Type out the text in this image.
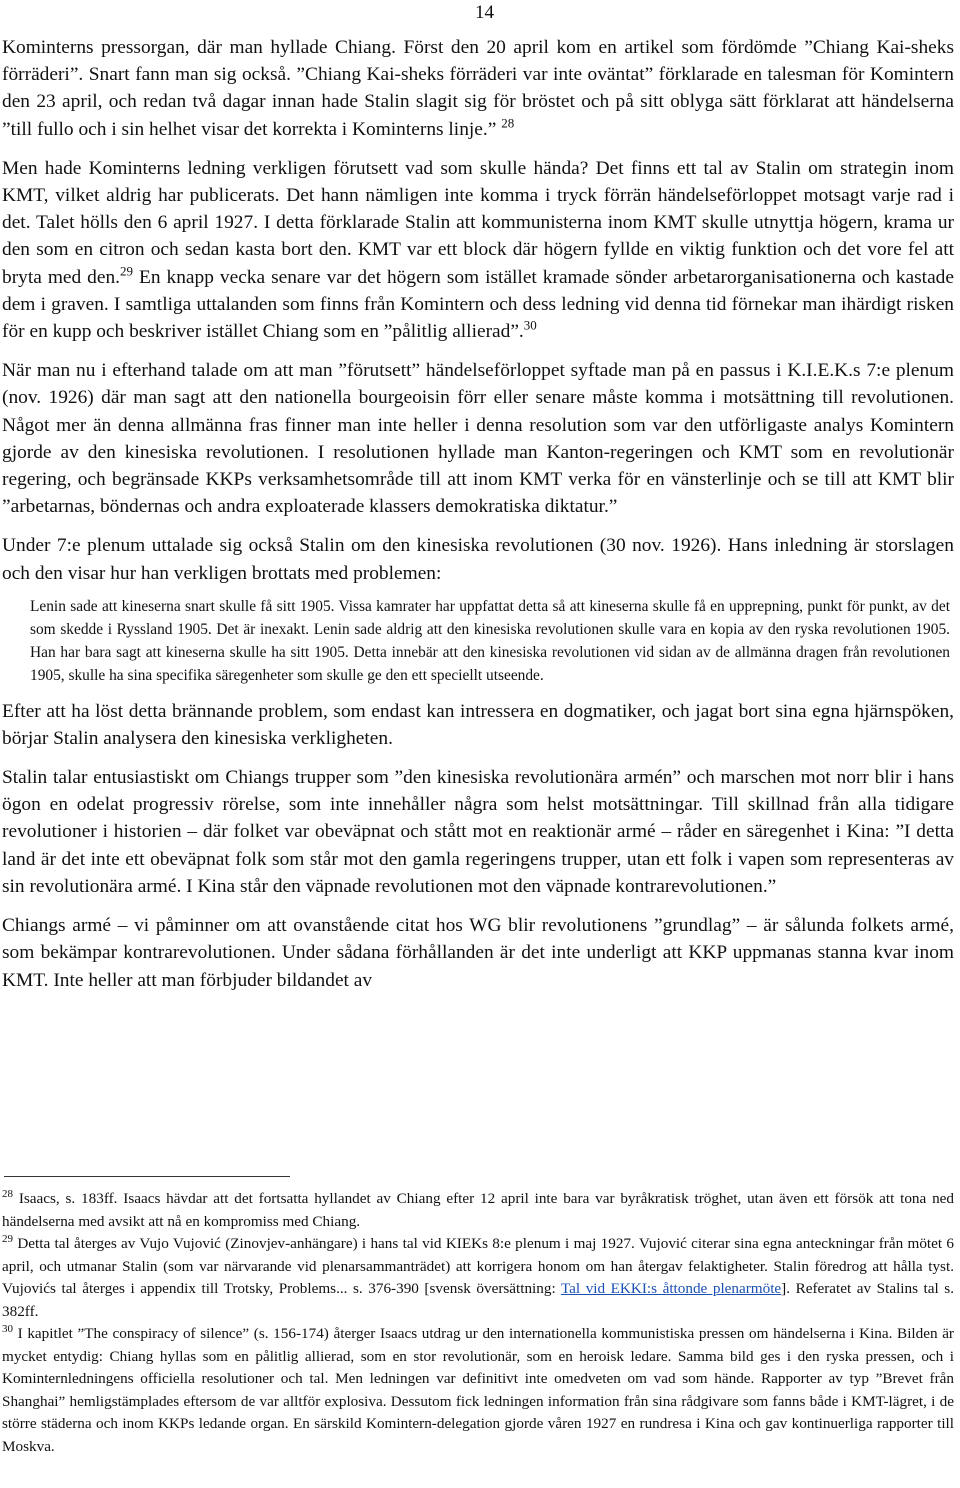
14

Kominterns pressorgan, där man hyllade Chiang. Först den 20 april kom en artikel som fördömde ”Chiang Kai-sheks förräderi”. Snart fann man sig också. ”Chiang Kai-sheks förräderi var inte oväntat” förklarade en talesman för Komintern den 23 april, och redan två dagar innan hade Stalin slagit sig för bröstet och på sitt oblyga sätt förklarat att händelserna ”till fullo och i sin helhet visar det korrekta i Kominterns linje.” $^{28}$

Men hade Kominterns ledning verkligen förutsett vad som skulle hända? Det finns ett tal av Stalin om strategin inom KMT, vilket aldrig har publicerats. Det hann nämligen inte komma i tryck förrän händelseförloppet motsagt varje rad i det. Talet hölls den 6 april 1927. I detta förklarade Stalin att kommunisterna inom KMT skulle utnyttja högern, krama ur den som en citron och sedan kasta bort den. KMT var ett block där högern fyllde en viktig funktion och det vore fel att bryta med den.$^{29}$ En knapp vecka senare var det högern som istället kramade sönder arbetarorganisationerna och kastade dem i graven. I samtliga uttalanden som finns från Komintern och dess ledning vid denna tid förnekar man ihärdigt risken för en kupp och beskriver istället Chiang som en ”pålitlig allierad”.$^{30}$

När man nu i efterhand talade om att man ”förutsett” händelseförloppet syftade man på en passus i K.I.E.K.s 7:e plenum (nov. 1926) där man sagt att den nationella bourgeoisin förr eller senare måste komma i motsättning till revolutionen. Något mer än denna allmänna fras finner man inte heller i denna resolution som var den utförligaste analys Komintern gjorde av den kinesiska revolutionen. I resolutionen hyllade man Kanton-regeringen och KMT som en revolutionär regering, och begränsade KKPs verksamhetsområde till att inom KMT verka för en vänsterlinje och se till att KMT blir ”arbetarnas, böndernas och andra exploaterade klassers demokratiska diktatur.”

Under 7:e plenum uttalade sig också Stalin om den kinesiska revolutionen (30 nov. 1926). Hans inledning är storslagen och den visar hur han verkligen brottats med problemen:

Lenin sade att kineserna snart skulle få sitt 1905. Vissa kamrater har uppfattat detta så att kineserna skulle få en upprepning, punkt för punkt, av det som skedde i Ryssland 1905. Det är inexakt. Lenin sade aldrig att den kinesiska revolutionen skulle vara en kopia av den ryska revolutionen 1905. Han har bara sagt att kineserna skulle ha sitt 1905. Detta innebär att den kinesiska revolutionen vid sidan av de allmänna dragen från revolutionen 1905, skulle ha sina specifika säregenheter som skulle ge den ett speciellt utseende.

Efter att ha löst detta brännande problem, som endast kan intressera en dogmatiker, och jagat bort sina egna hjärnspöken, börjar Stalin analysera den kinesiska verkligheten.

Stalin talar entusiastiskt om Chiangs trupper som ”den kinesiska revolutionära armén” och marschen mot norr blir i hans ögon en odelat progressiv rörelse, som inte innehåller några som helst motsättningar. Till skillnad från alla tidigare revolutioner i historien – där folket var obeväpnat och stått mot en reaktionär armé – råder en säregenhet i Kina: ”I detta land är det inte ett obeväpnat folk som står mot den gamla regeringens trupper, utan ett folk i vapen som representeras av sin revolutionära armé. I Kina står den väpnade revolutionen mot den väpnade kontrarevolutionen.”

Chiangs armé – vi påminner om att ovanstående citat hos WG blir revolutionens ”grundlag” – är sålunda folkets armé, som bekämpar kontrarevolutionen. Under sådana förhållanden är det inte underligt att KKP uppmanas stanna kvar inom KMT. Inte heller att man förbjuder bildandet av

$^{28}$ Isaacs, s. 183ff. Isaacs hävdar att det fortsatta hyllandet av Chiang efter 12 april inte bara var byråkratisk tröghet, utan även ett försök att tona ned händelserna med avsikt att nå en kompromiss med Chiang.

$^{29}$ Detta tal återges av Vujo Vujović (Zinovjev-anhängare) i hans tal vid KIEKs 8:e plenum i maj 1927. Vujović citerar sina egna anteckningar från mötet 6 april, och utmanar Stalin (som var närvarande vid plenarsammanträdet) att korrigera honom om han återgav felaktigheter. Stalin föredrog att hålla tyst. Vujovićs tal återges i appendix till Trotsky, Problems... s. 376-390 [svensk översättning: Tal vid EKKI:s åttonde plenarmöte]. Referatet av Stalins tal s. 382ff.

$^{30}$ I kapitlet ”The conspiracy of silence” (s. 156-174) återger Isaacs utdrag ur den internationella kommunistiska pressen om händelserna i Kina. Bilden är mycket entydig: Chiang hyllas som en pålitlig allierad, som en stor revolutionär, som en heroisk ledare. Samma bild ges i den ryska pressen, och i Kominternledningens officiella resolutioner och tal. Men ledningen var definitivt inte omedveten om vad som hände. Rapporter av typ ”Brevet från Shanghai” hemligstämplades eftersom de var alltför explosiva. Dessutom fick ledningen information från sina rådgivare som fanns både i KMT-lägret, i de större städerna och inom KKPs ledande organ. En särskild Komintern-delegation gjorde våren 1927 en rundresa i Kina och gav kontinuerliga rapporter till Moskva.
